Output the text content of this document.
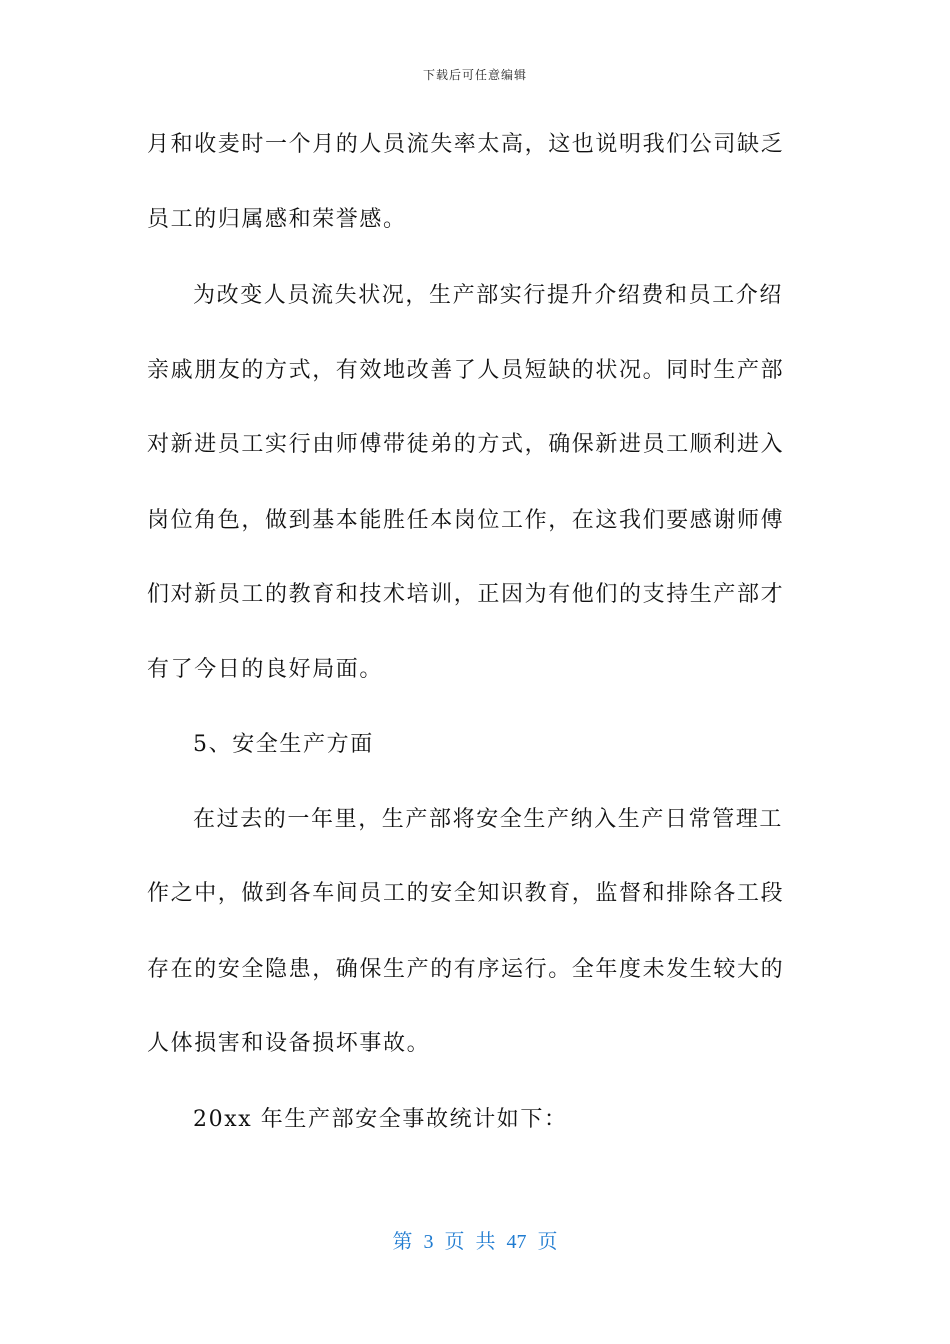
下载后可任意编辑
月和收麦时一个月的人员流失率太高，这也说明我们公司缺乏
员工的归属感和荣誉感。
为改变人员流失状况，生产部实行提升介绍费和员工介绍
亲戚朋友的方式，有效地改善了人员短缺的状况。同时生产部
对新进员工实行由师傅带徒弟的方式，确保新进员工顺利进入
岗位角色，做到基本能胜任本岗位工作，在这我们要感谢师傅
们对新员工的教育和技术培训，正因为有他们的支持生产部才
有了今日的良好局面。
5、安全生产方面
在过去的一年里，生产部将安全生产纳入生产日常管理工
作之中，做到各车间员工的安全知识教育，监督和排除各工段
存在的安全隐患，确保生产的有序运行。全年度未发生较大的
人体损害和设备损坏事故。
20xx 年生产部安全事故统计如下：
第 3 页 共 47 页
